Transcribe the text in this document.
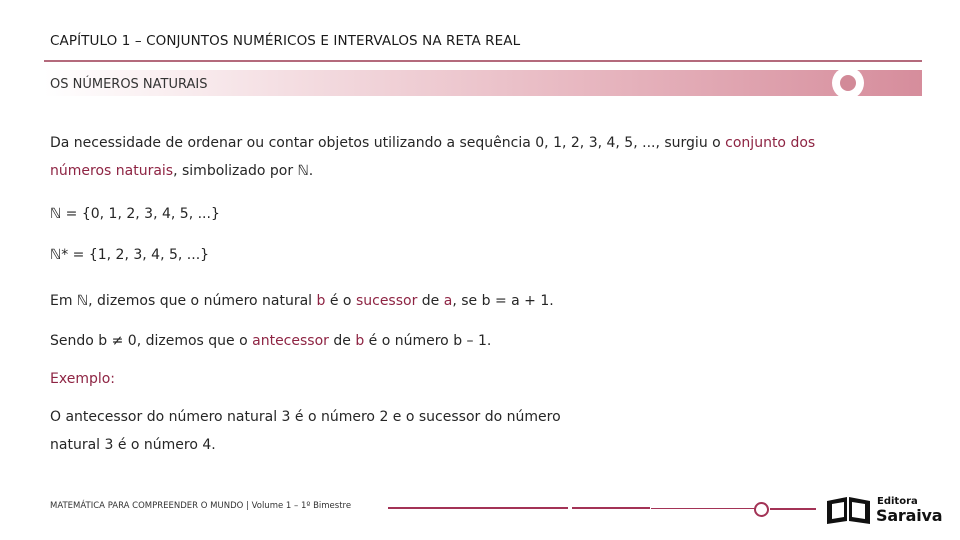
CAPÍTULO 1 – CONJUNTOS NUMÉRICOS E INTERVALOS NA RETA REAL
OS NÚMEROS NATURAIS
Da necessidade de ordenar ou contar objetos utilizando a sequência 0, 1, 2, 3, 4, 5, ..., surgiu o conjunto dos
números naturais, simbolizado por ℕ.
ℕ = {0, 1, 2, 3, 4, 5, ...}
ℕ* = {1, 2, 3, 4, 5, ...}
Em ℕ, dizemos que o número natural b é o sucessor de a, se b = a + 1.
Sendo b ≠ 0, dizemos que o antecessor de b é o número b – 1.
Exemplo:
O antecessor do número natural 3 é o número 2 e o sucessor do número
natural 3 é o número 4.
MATEMÁTICA PARA COMPREENDER O MUNDO | Volume 1 – 1º Bimestre	Editora
Saraiva
